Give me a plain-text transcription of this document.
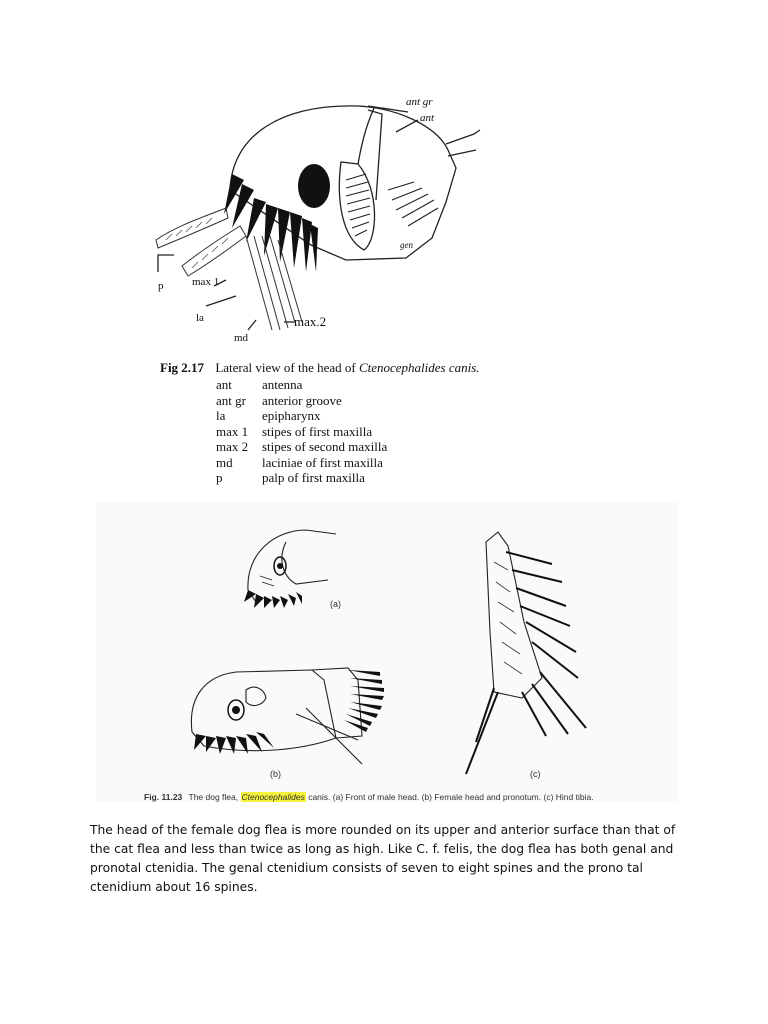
ant gr
ant
gen
p	max 1
la
md
max.2
Fig 2.17 Lateral view of the head of Ctenocephalides canis.
ant	antenna
ant gr	anterior groove
la	epipharynx
max 1	stipes of first maxilla
max 2	stipes of second maxilla
md	laciniae of first maxilla
p	palp of first maxilla
(a)
(b)	(c)
Fig. 11.23 The dog flea, Ctenocephalides canis. (a) Front of male head. (b) Female head and pronotum. (c) Hind tibia.

The head of the female dog flea is more rounded on its upper and anterior surface than that of the cat flea and less than twice as long as high. Like C. f. felis, the dog flea has both genal and pronotal ctenidia. The genal ctenidium consists of seven to eight spines and the prono tal ctenidium about 16 spines.
